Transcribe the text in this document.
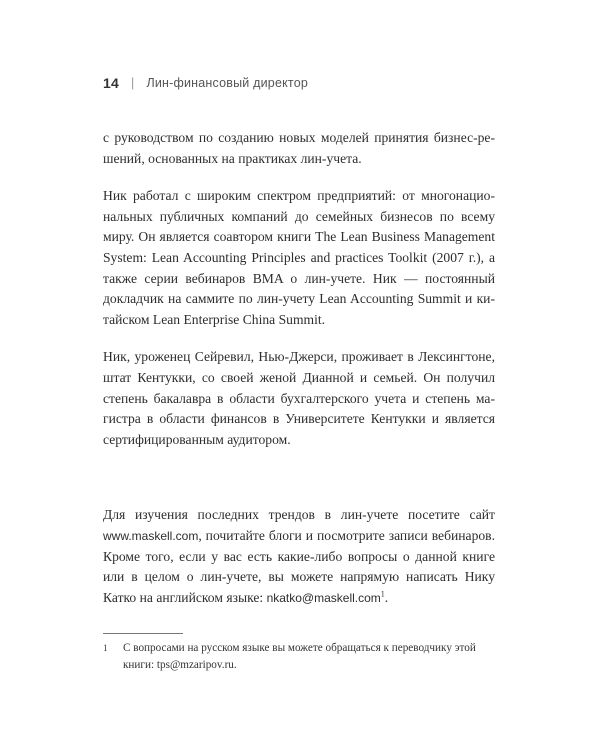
14 | Лин-финансовый директор

с руководством по созданию новых моделей принятия бизнес-решений, основанных на практиках лин-учета.

Ник работал с широким спектром предприятий: от многонациональных публичных компаний до семейных бизнесов по всему миру. Он является соавтором книги The Lean Business Management System: Lean Accounting Principles and practices Toolkit (2007 г.), а также серии вебинаров BMA о лин-учете. Ник — постоянный докладчик на саммите по лин-учету Lean Accounting Summit и китайском Lean Enterprise China Summit.

Ник, уроженец Сейревил, Нью-Джерси, проживает в Лексингтоне, штат Кентукки, со своей женой Дианной и семьей. Он получил степень бакалавра в области бухгалтерского учета и степень магистра в области финансов в Университете Кентукки и является сертифицированным аудитором.

Для изучения последних трендов в лин-учете посетите сайт www.maskell.com, почитайте блоги и посмотрите записи вебинаров. Кроме того, если у вас есть какие-либо вопросы о данной книге или в целом о лин-учете, вы можете напрямую написать Нику Катко на английском языке: nkatko@maskell.com$^1$.

1	С вопросами на русском языке вы можете обращаться к переводчику этой книги: tps@mzaripov.ru.
